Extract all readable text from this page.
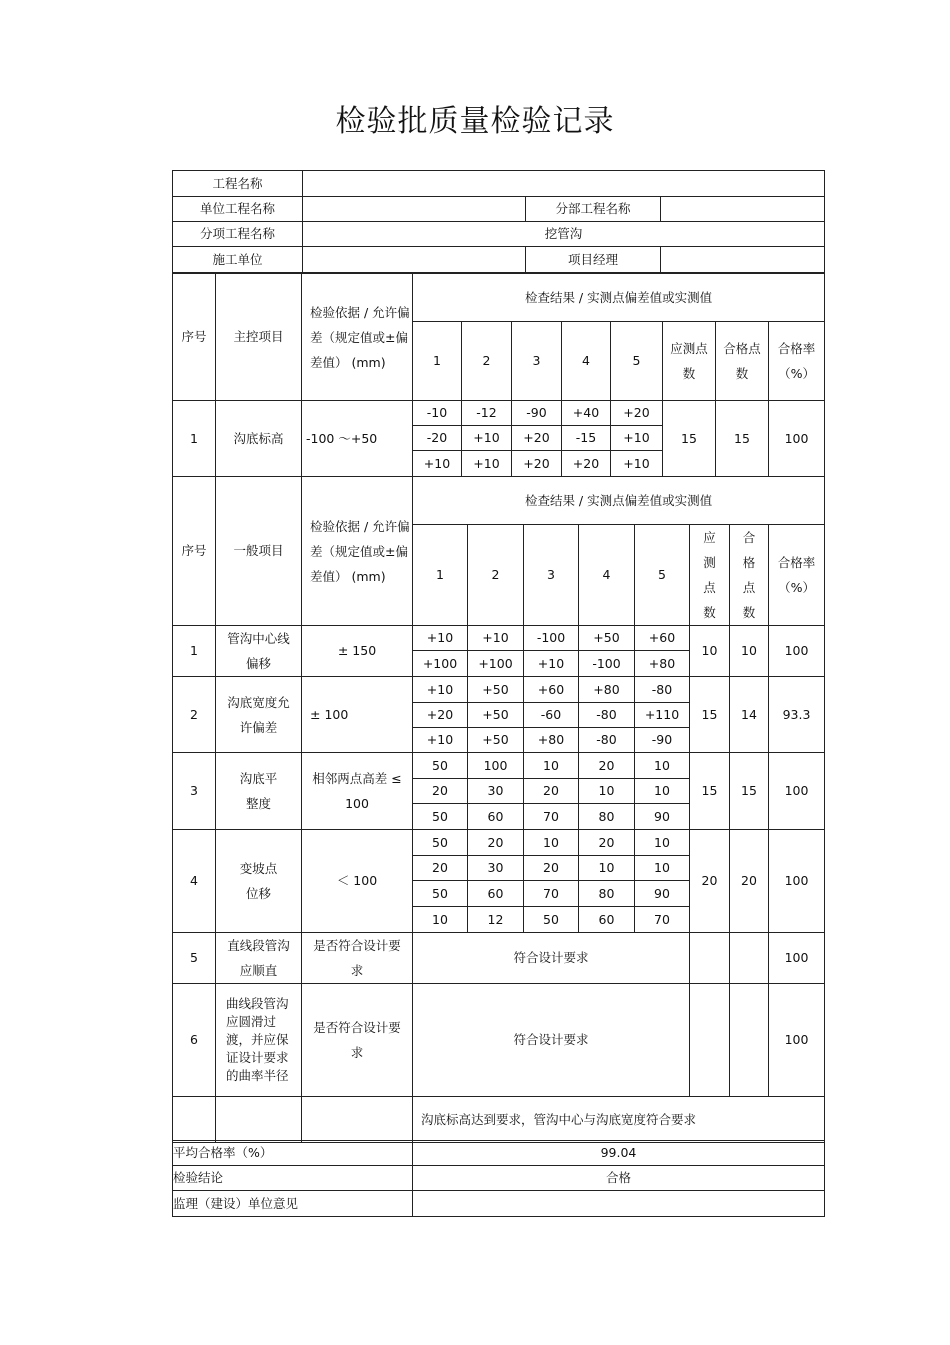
检验批质量检验记录
工程名称			
单位工程名称		分部工程名称	
分项工程名称	挖管沟		
施工单位		项目经理	
序号	主控项目	检验依据 / 允许偏差（规定值或±偏差值） (mm)	检查结果 / 实测点偏差值或实测值							
			1	2	3	4	5	应测点数	合格点数	合格率（%）
1	沟底标高	-100 ～+50	-10	-12	-90	+40	+20	15	15	100
			-20	+10	+20	-15	+10			
			+10	+10	+20	+20	+10			
序号	一般项目	检验依据 / 允许偏差（规定值或±偏差值） (mm)	检查结果 / 实测点偏差值或实测值							
			1	2	3	4	5	应测点数	合格点数	合格率（%）
1	管沟中心线偏移	± 150	+10	+10	-100	+50	+60	10	10	100
			+100	+100	+10	-100	+80			
2	沟底宽度允许偏差	± 100	+10	+50	+60	+80	-80	15	14	93.3
			+20	+50	-60	-80	+110			
			+10	+50	+80	-80	-90			
3	沟底平整度	相邻两点高差 ≤ 100	50	100	10	20	10	15	15	100
			20	30	20	10	10			
			50	60	70	80	90			
4	变坡点位移	＜ 100	50	20	10	20	10	20	20	100
			20	30	20	10	10			
			50	60	70	80	90			
			10	12	50	60	70			
5	直线段管沟应顺直	是否符合设计要求	符合设计要求							100
6	曲线段管沟应圆滑过渡，并应保证设计要求的曲率半径	是否符合设计要求	符合设计要求							100
			沟底标高达到要求，管沟中心与沟底宽度符合要求							
平均合格率（%）	99.04
检验结论	合格
监理（建设）单位意见	
